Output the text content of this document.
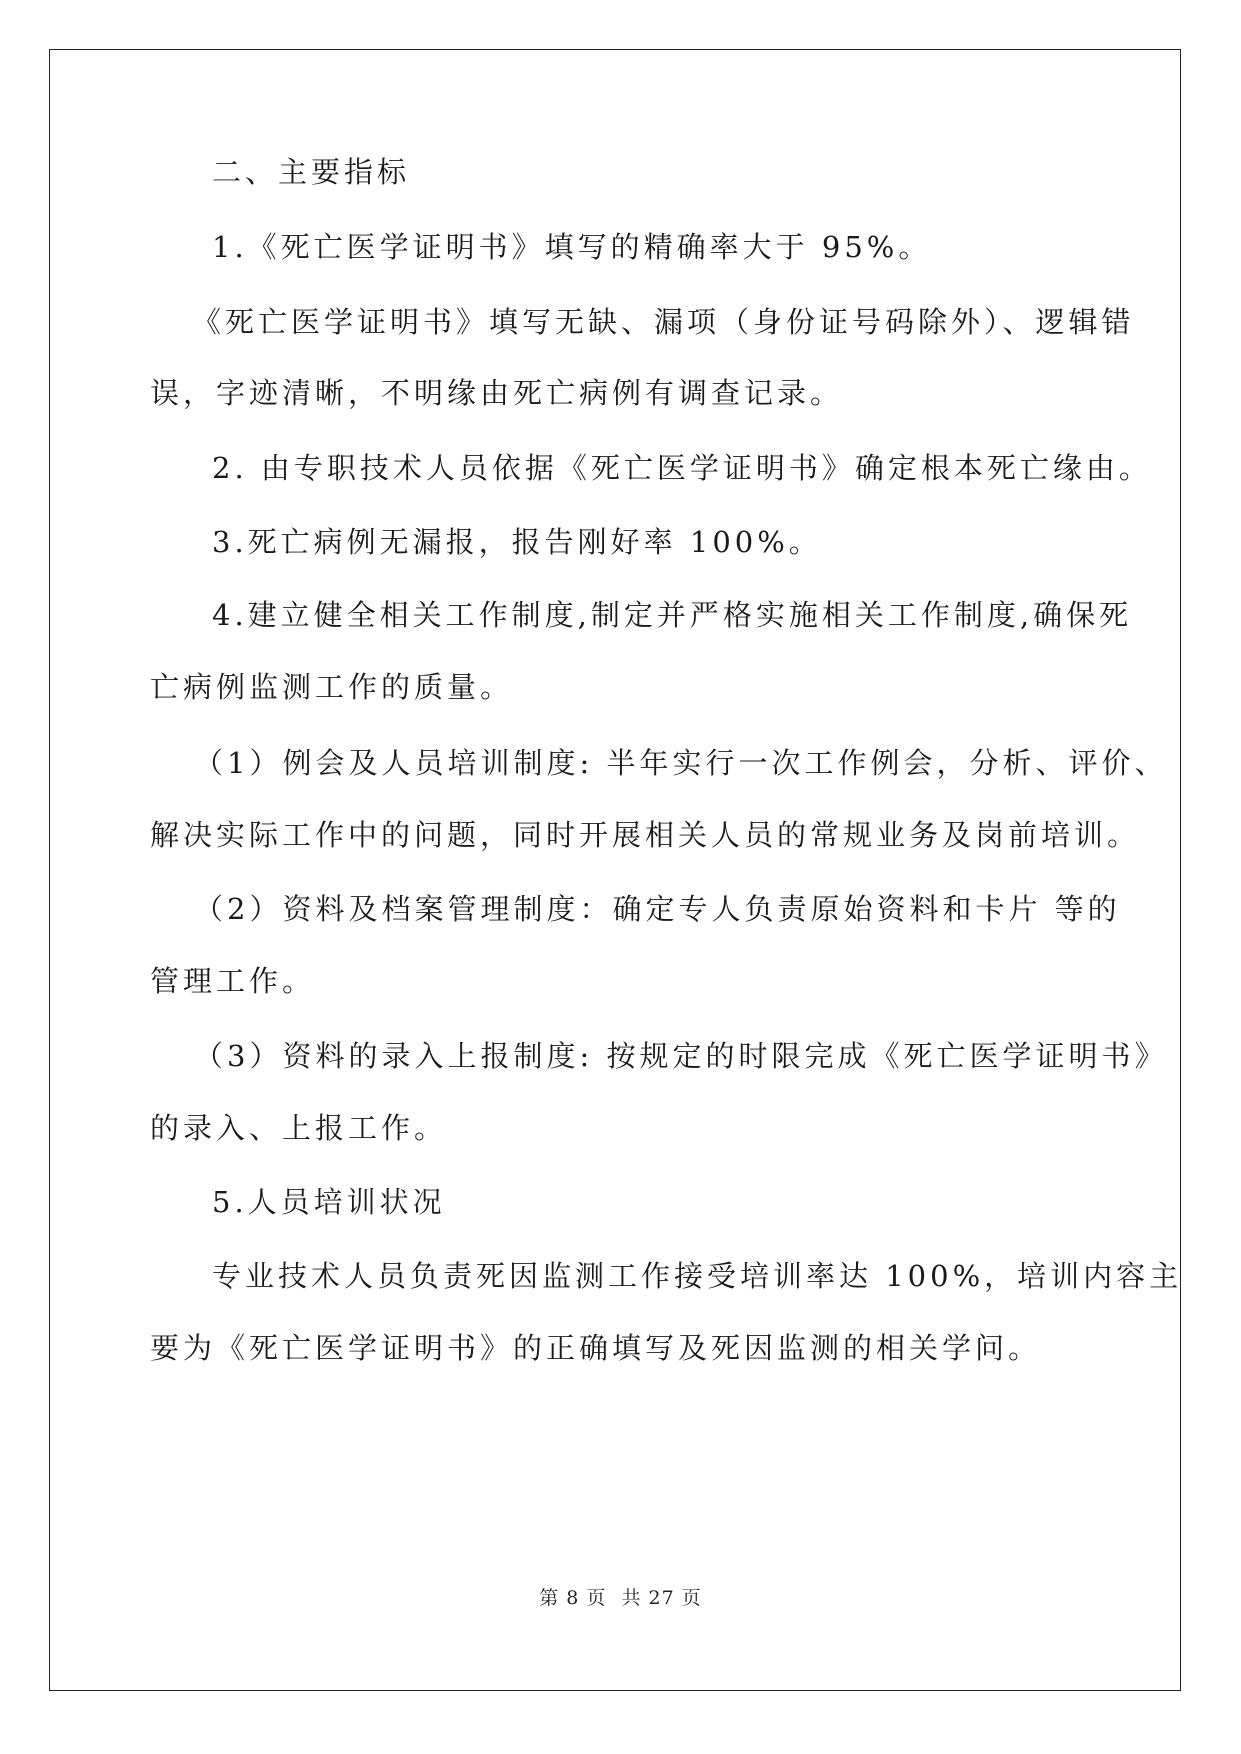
二、主要指标
1.《死亡医学证明书》填写的精确率大于 95%。
《死亡医学证明书》填写无缺、漏项（身份证号码除外）、逻辑错
误，字迹清晰，不明缘由死亡病例有调查记录。
2. 由专职技术人员依据《死亡医学证明书》确定根本死亡缘由。
3.死亡病例无漏报，报告刚好率 100%。
4.建立健全相关工作制度,制定并严格实施相关工作制度,确保死
亡病例监测工作的质量。
（1）例会及人员培训制度: 半年实行一次工作例会，分析、评价、
解决实际工作中的问题，同时开展相关人员的常规业务及岗前培训。
（2）资料及档案管理制度：确定专人负责原始资料和卡片 等的
管理工作。
（3）资料的录入上报制度: 按规定的时限完成《死亡医学证明书》
的录入、上报工作。
5.人员培训状况
专业技术人员负责死因监测工作接受培训率达 100%，培训内容主
要为《死亡医学证明书》的正确填写及死因监测的相关学问。
第 8 页 共 27 页
